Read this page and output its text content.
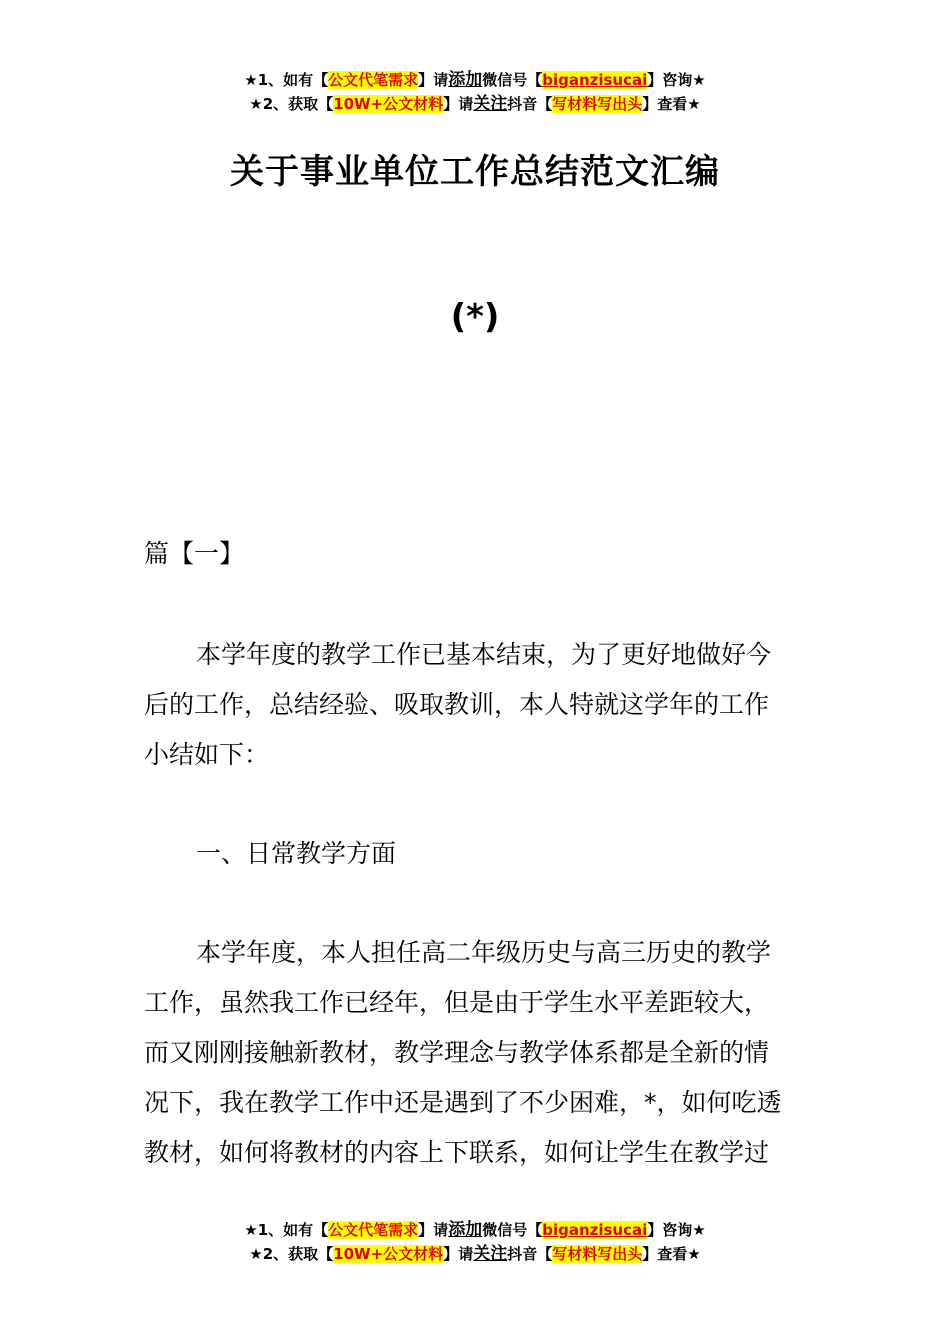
★1、如有【公文代笔需求】请添加微信号【biganzisucai】咨询★
★2、获取【10W+公文材料】请关注抖音【写材料写出头】查看★
关于事业单位工作总结范文汇编
(*)
篇【一】
本学年度的教学工作已基本结束，为了更好地做好今
后的工作，总结经验、吸取教训，本人特就这学年的工作
小结如下：
一、日常教学方面
本学年度，本人担任高二年级历史与高三历史的教学
工作，虽然我工作已经年，但是由于学生水平差距较大，
而又刚刚接触新教材，教学理念与教学体系都是全新的情
况下，我在教学工作中还是遇到了不少困难，*，如何吃透
教材，如何将教材的内容上下联系，如何让学生在教学过
★1、如有【公文代笔需求】请添加微信号【biganzisucai】咨询★
★2、获取【10W+公文材料】请关注抖音【写材料写出头】查看★
